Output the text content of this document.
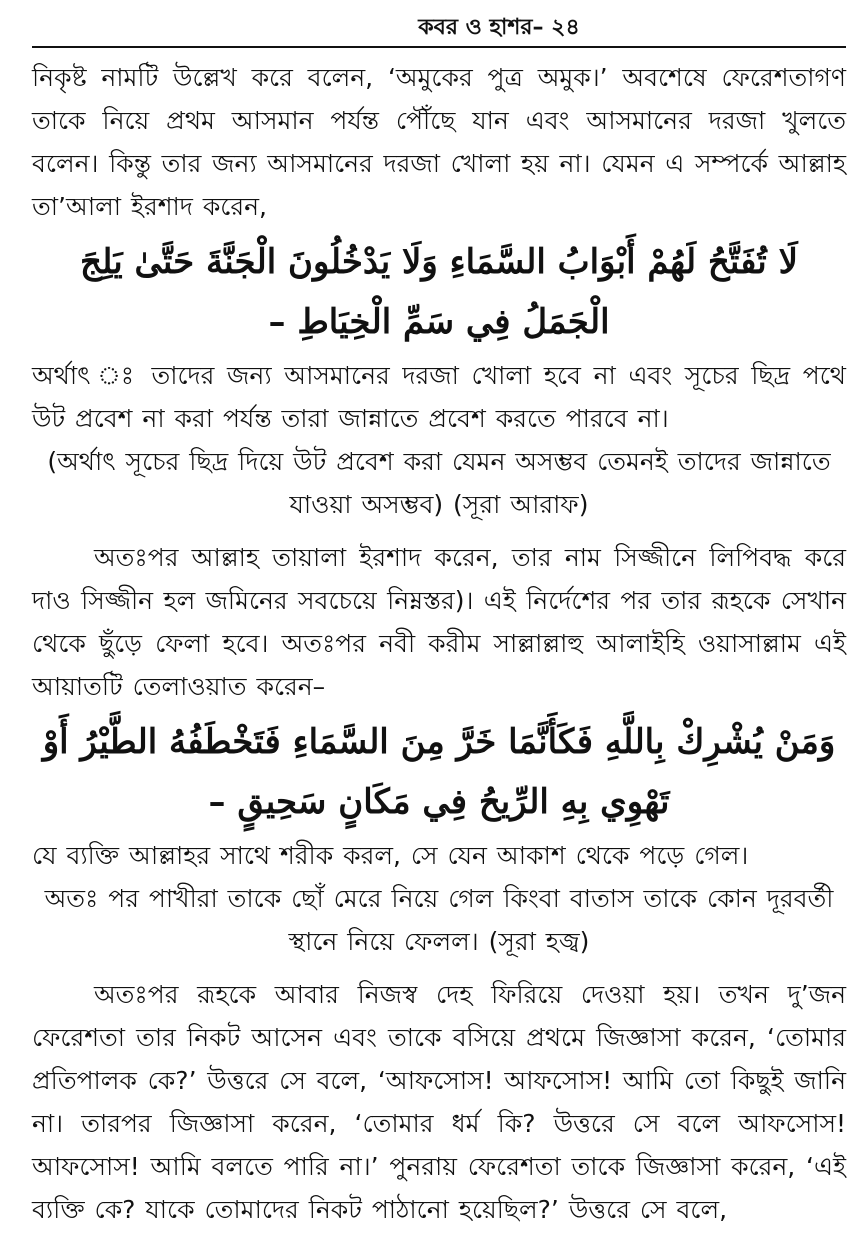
কবর ও হাশর– ২৪

নিকৃষ্ট নামটি উল্লেখ করে বলেন, ‘অমুকের পুত্র অমুক।’ অবশেষে ফেরেশতাগণ তাকে নিয়ে প্রথম আসমান পর্যন্ত পৌঁছে যান এবং আসমানের দরজা খুলতে বলেন। কিন্তু তার জন্য আসমানের দরজা খোলা হয় না। যেমন এ সম্পর্কে আল্লাহ তা’আলা ইরশাদ করেন,

لَا تُفَتَّحُ لَهُمْ أَبْوَابُ السَّمَاءِ وَلَا يَدْخُلُونَ الْجَنَّةَ حَتَّىٰ يَلِجَ
الْجَمَلُ فِي سَمِّ الْخِيَاطِ –

অর্থাৎ ঃ তাদের জন্য আসমানের দরজা খোলা হবে না এবং সূচের ছিদ্র পথে উট প্রবেশ না করা পর্যন্ত তারা জান্নাতে প্রবেশ করতে পারবে না।

(অর্থাৎ সূচের ছিদ্র দিয়ে উট প্রবেশ করা যেমন অসম্ভব তেমনই তাদের জান্নাতে যাওয়া অসম্ভব) (সূরা আরাফ)

অতঃপর আল্লাহ তায়ালা ইরশাদ করেন, তার নাম সিজ্জীনে লিপিবদ্ধ করে দাও সিজ্জীন হল জমিনের সবচেয়ে নিম্নস্তর)। এই নির্দেশের পর তার রূহকে সেখান থেকে ছুঁড়ে ফেলা হবে। অতঃপর নবী করীম সাল্লাল্লাহু আলাইহি ওয়াসাল্লাম এই আয়াতটি তেলাওয়াত করেন–

وَمَنْ يُشْرِكْ بِاللَّهِ فَكَأَنَّمَا خَرَّ مِنَ السَّمَاءِ فَتَخْطَفُهُ الطَّيْرُ أَوْ
تَهْوِي بِهِ الرِّيحُ فِي مَكَانٍ سَحِيقٍ –

যে ব্যক্তি আল্লাহর সাথে শরীক করল, সে যেন আকাশ থেকে পড়ে গেল।

অতঃ পর পাখীরা তাকে ছোঁ মেরে নিয়ে গেল কিংবা বাতাস তাকে কোন দূরবর্তী স্থানে নিয়ে ফেলল। (সূরা হজ্ব)

অতঃপর রূহকে আবার নিজস্ব দেহ ফিরিয়ে দেওয়া হয়। তখন দু’জন ফেরেশতা তার নিকট আসেন এবং তাকে বসিয়ে প্রথমে জিজ্ঞাসা করেন, ‘তোমার প্রতিপালক কে?’ উত্তরে সে বলে, ‘আফসোস! আফসোস! আমি তো কিছুই জানি না। তারপর জিজ্ঞাসা করেন, ‘তোমার ধর্ম কি? উত্তরে সে বলে আফসোস! আফসোস! আমি বলতে পারি না।’ পুনরায় ফেরেশতা তাকে জিজ্ঞাসা করেন, ‘এই ব্যক্তি কে? যাকে তোমাদের নিকট পাঠানো হয়েছিল?’ উত্তরে সে বলে,
